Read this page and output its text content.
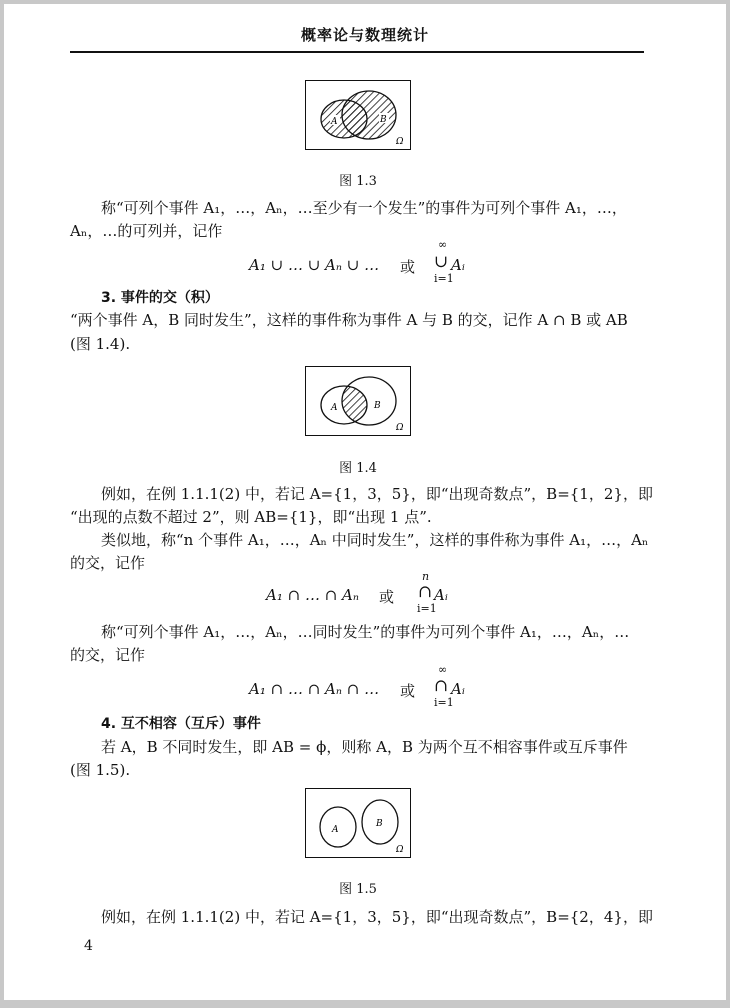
概率论与数理统计
A	B
Ω
图 1.3
称“可列个事件 A₁，…，Aₙ，…至少有一个发生”的事件为可列个事件 A₁，…，
Aₙ，…的可列并，记作
A₁ ∪ … ∪ Aₙ ∪ … 或
∞
∪
i=1
Aᵢ
3. 事件的交（积）
“两个事件 A，B 同时发生”，这样的事件称为事件 A 与 B 的交，记作 A ∩ B 或 AB
(图 1.4).
A	B
Ω
图 1.4
例如，在例 1.1.1(2) 中，若记 A={1，3，5}，即“出现奇数点”，B={1，2}，即
“出现的点数不超过 2”，则 AB={1}，即“出现 1 点”.
类似地，称“n 个事件 A₁，…，Aₙ 中同时发生”，这样的事件称为事件 A₁，…，Aₙ
的交，记作
A₁ ∩ … ∩ Aₙ 或
n
∩
i=1
Aᵢ
称“可列个事件 A₁，…，Aₙ，…同时发生”的事件为可列个事件 A₁，…，Aₙ，…
的交，记作
A₁ ∩ … ∩ Aₙ ∩ … 或
∞
∩
i=1
Aᵢ
4. 互不相容（互斥）事件
若 A，B 不同时发生，即 AB = ϕ，则称 A，B 为两个互不相容事件或互斥事件
(图 1.5).
A
B
Ω
图 1.5
例如，在例 1.1.1(2) 中，若记 A={1，3，5}，即“出现奇数点”，B={2，4}，即
4
